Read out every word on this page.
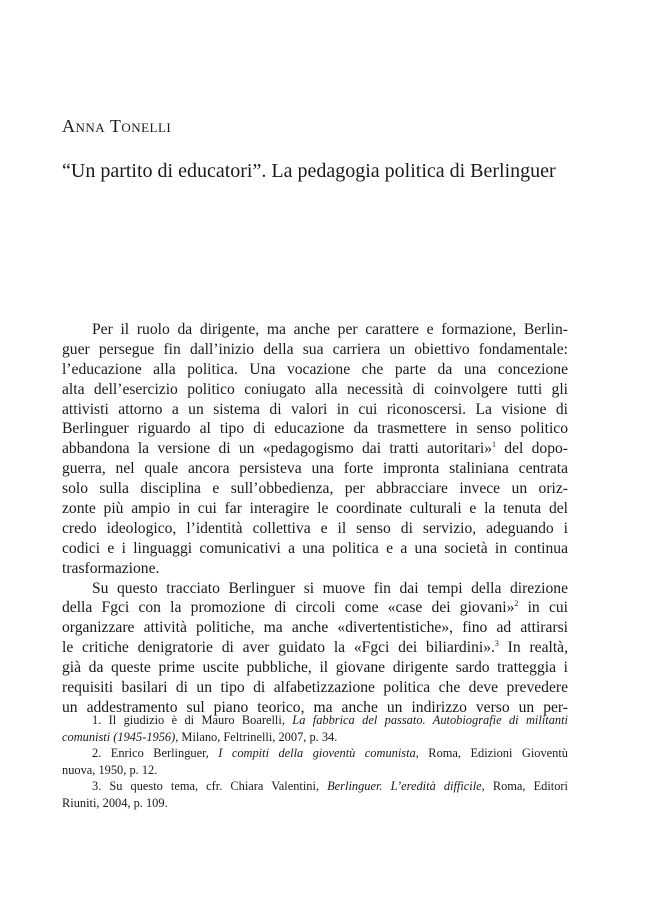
Anna Tonelli
“Un partito di educatori”. La pedagogia politica di Berlinguer
Per il ruolo da dirigente, ma anche per carattere e formazione, Berlin-
guer persegue fin dall’inizio della sua carriera un obiettivo fondamentale:
l’educazione alla politica. Una vocazione che parte da una concezione
alta dell’esercizio politico coniugato alla necessità di coinvolgere tutti gli
attivisti attorno a un sistema di valori in cui riconoscersi. La visione di
Berlinguer riguardo al tipo di educazione da trasmettere in senso politico
abbandona la versione di un «pedagogismo dai tratti autoritari»$^1$ del dopo-
guerra, nel quale ancora persisteva una forte impronta staliniana centrata
solo sulla disciplina e sull’obbedienza, per abbracciare invece un oriz-
zonte più ampio in cui far interagire le coordinate culturali e la tenuta del
credo ideologico, l’identità collettiva e il senso di servizio, adeguando i
codici e i linguaggi comunicativi a una politica e a una società in continua
trasformazione.
Su questo tracciato Berlinguer si muove fin dai tempi della direzione
della Fgci con la promozione di circoli come «case dei giovani»$^2$ in cui
organizzare attività politiche, ma anche «divertentistiche», fino ad attirarsi
le critiche denigratorie di aver guidato la «Fgci dei biliardini».$^3$ In realtà,
già da queste prime uscite pubbliche, il giovane dirigente sardo tratteggia i
requisiti basilari di un tipo di alfabetizzazione politica che deve prevedere
un addestramento sul piano teorico, ma anche un indirizzo verso un per-
1. Il giudizio è di Mauro Boarelli, La fabbrica del passato. Autobiografie di militanti
comunisti (1945-1956), Milano, Feltrinelli, 2007, p. 34.
2. Enrico Berlinguer, I compiti della gioventù comunista, Roma, Edizioni Gioventù
nuova, 1950, p. 12.
3. Su questo tema, cfr. Chiara Valentini, Berlinguer. L’eredità difficile, Roma, Editori
Riuniti, 2004, p. 109.
